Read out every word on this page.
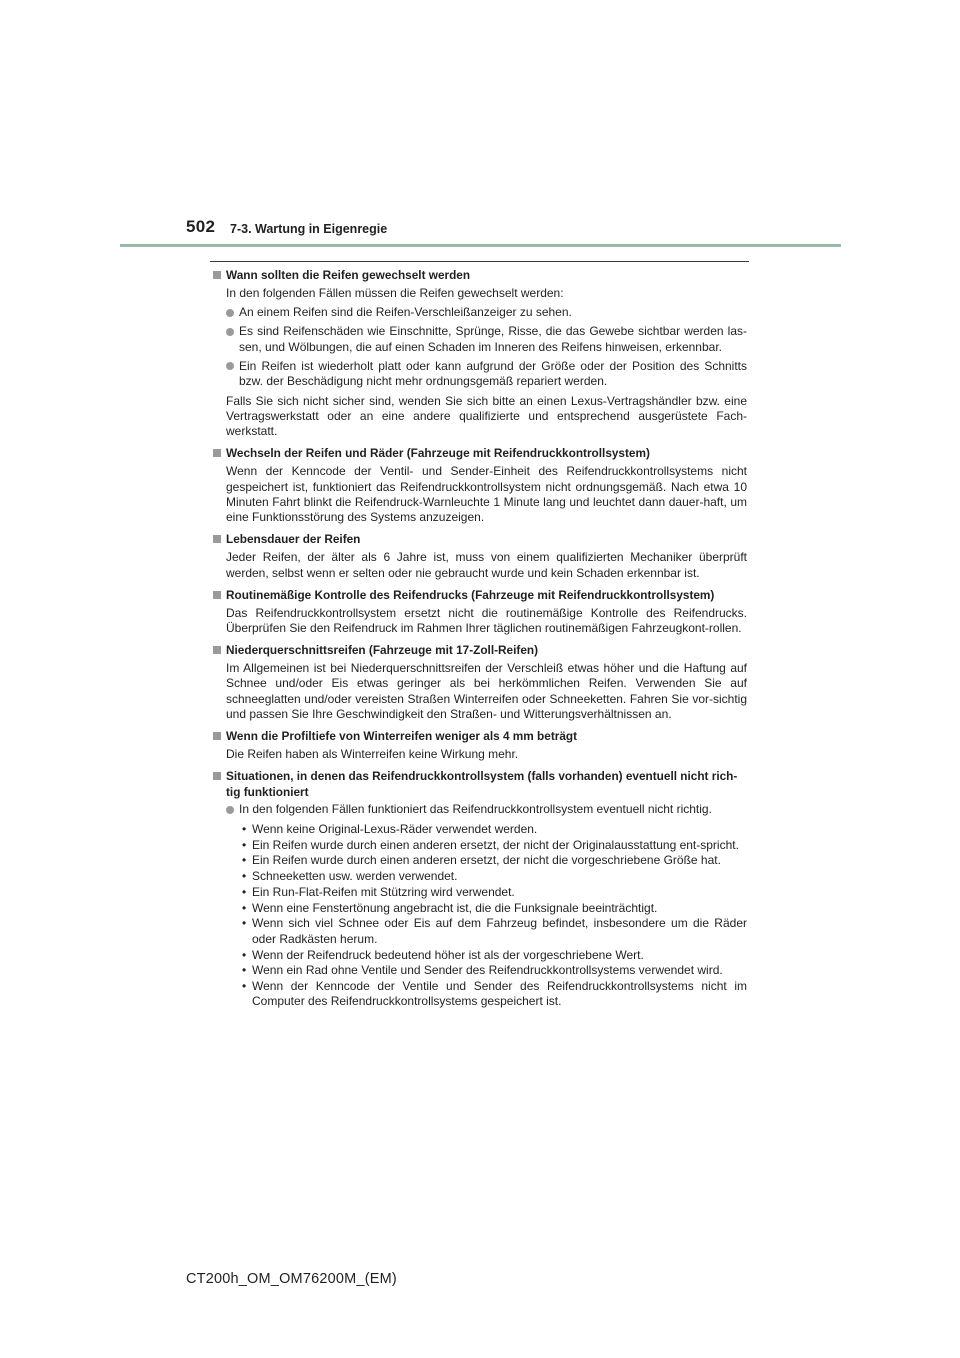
502 7-3. Wartung in Eigenregie
Wann sollten die Reifen gewechselt werden
In den folgenden Fällen müssen die Reifen gewechselt werden:
An einem Reifen sind die Reifen-Verschleißanzeiger zu sehen.
Es sind Reifenschäden wie Einschnitte, Sprünge, Risse, die das Gewebe sichtbar werden las-sen, und Wölbungen, die auf einen Schaden im Inneren des Reifens hinweisen, erkennbar.
Ein Reifen ist wiederholt platt oder kann aufgrund der Größe oder der Position des Schnitts bzw. der Beschädigung nicht mehr ordnungsgemäß repariert werden.
Falls Sie sich nicht sicher sind, wenden Sie sich bitte an einen Lexus-Vertragshändler bzw. eine Vertragswerkstatt oder an eine andere qualifizierte und entsprechend ausgerüstete Fach-werkstatt.
Wechseln der Reifen und Räder (Fahrzeuge mit Reifendruckkontrollsystem)
Wenn der Kenncode der Ventil- und Sender-Einheit des Reifendruckkontrollsystems nicht gespeichert ist, funktioniert das Reifendruckkontrollsystem nicht ordnungsgemäß. Nach etwa 10 Minuten Fahrt blinkt die Reifendruck-Warnleuchte 1 Minute lang und leuchtet dann dauer-haft, um eine Funktionsstörung des Systems anzuzeigen.
Lebensdauer der Reifen
Jeder Reifen, der älter als 6 Jahre ist, muss von einem qualifizierten Mechaniker überprüft werden, selbst wenn er selten oder nie gebraucht wurde und kein Schaden erkennbar ist.
Routinemäßige Kontrolle des Reifendrucks (Fahrzeuge mit Reifendruckkontrollsystem)
Das Reifendruckkontrollsystem ersetzt nicht die routinemäßige Kontrolle des Reifendrucks. Überprüfen Sie den Reifendruck im Rahmen Ihrer täglichen routinemäßigen Fahrzeugkont-rollen.
Niederquerschnittsreifen (Fahrzeuge mit 17-Zoll-Reifen)
Im Allgemeinen ist bei Niederquerschnittsreifen der Verschleiß etwas höher und die Haftung auf Schnee und/oder Eis etwas geringer als bei herkömmlichen Reifen. Verwenden Sie auf schneeglatten und/oder vereisten Straßen Winterreifen oder Schneeketten. Fahren Sie vor-sichtig und passen Sie Ihre Geschwindigkeit den Straßen- und Witterungsverhältnissen an.
Wenn die Profiltiefe von Winterreifen weniger als 4 mm beträgt
Die Reifen haben als Winterreifen keine Wirkung mehr.
Situationen, in denen das Reifendruckkontrollsystem (falls vorhanden) eventuell nicht rich-tig funktioniert
In den folgenden Fällen funktioniert das Reifendruckkontrollsystem eventuell nicht richtig.
• Wenn keine Original-Lexus-Räder verwendet werden.
• Ein Reifen wurde durch einen anderen ersetzt, der nicht der Originalausstattung ent-spricht.
• Ein Reifen wurde durch einen anderen ersetzt, der nicht die vorgeschriebene Größe hat.
• Schneeketten usw. werden verwendet.
• Ein Run-Flat-Reifen mit Stützring wird verwendet.
• Wenn eine Fenstertönung angebracht ist, die die Funksignale beeinträchtigt.
• Wenn sich viel Schnee oder Eis auf dem Fahrzeug befindet, insbesondere um die Räder oder Radkästen herum.
• Wenn der Reifendruck bedeutend höher ist als der vorgeschriebene Wert.
• Wenn ein Rad ohne Ventile und Sender des Reifendruckkontrollsystems verwendet wird.
• Wenn der Kenncode der Ventile und Sender des Reifendruckkontrollsystems nicht im Computer des Reifendruckkontrollsystems gespeichert ist.
CT200h_OM_OM76200M_(EM)
